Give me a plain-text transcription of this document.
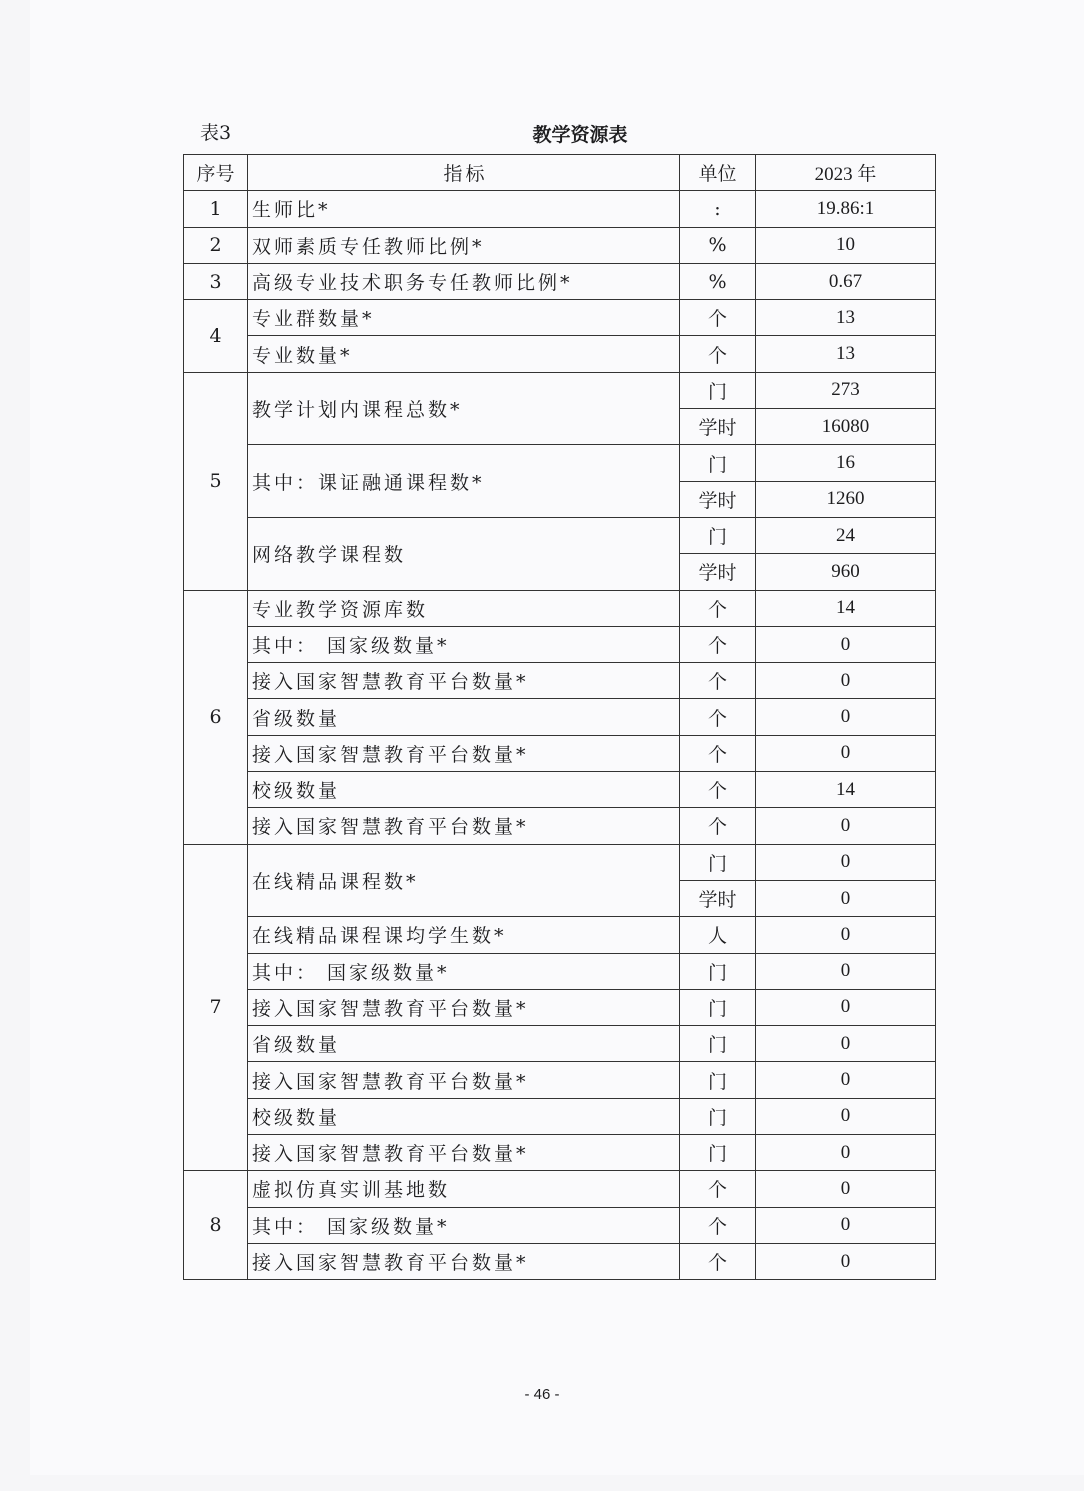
表3	教学资源表
序号	指标	单位	2023 年
1	生师比*	:	19.86:1
2	双师素质专任教师比例*	%	10
3	高级专业技术职务专任教师比例*	%	0.67
4	专业群数量*	个	13
	专业数量*	个	13
5	教学计划内课程总数*	门	273
		学时	16080
	其中：课证融通课程数*	门	16
		学时	1260
	网络教学课程数	门	24
		学时	960
6	专业教学资源库数	个	14
	其中： 国家级数量*	个	0
	接入国家智慧教育平台数量*	个	0
	省级数量	个	0
	接入国家智慧教育平台数量*	个	0
	校级数量	个	14
	接入国家智慧教育平台数量*	个	0
7	在线精品课程数*	门	0
		学时	0
	在线精品课程课均学生数*	人	0
	其中： 国家级数量*	门	0
	接入国家智慧教育平台数量*	门	0
	省级数量	门	0
	接入国家智慧教育平台数量*	门	0
	校级数量	门	0
	接入国家智慧教育平台数量*	门	0
8	虚拟仿真实训基地数	个	0
	其中： 国家级数量*	个	0
	接入国家智慧教育平台数量*	个	0
- 46 -
